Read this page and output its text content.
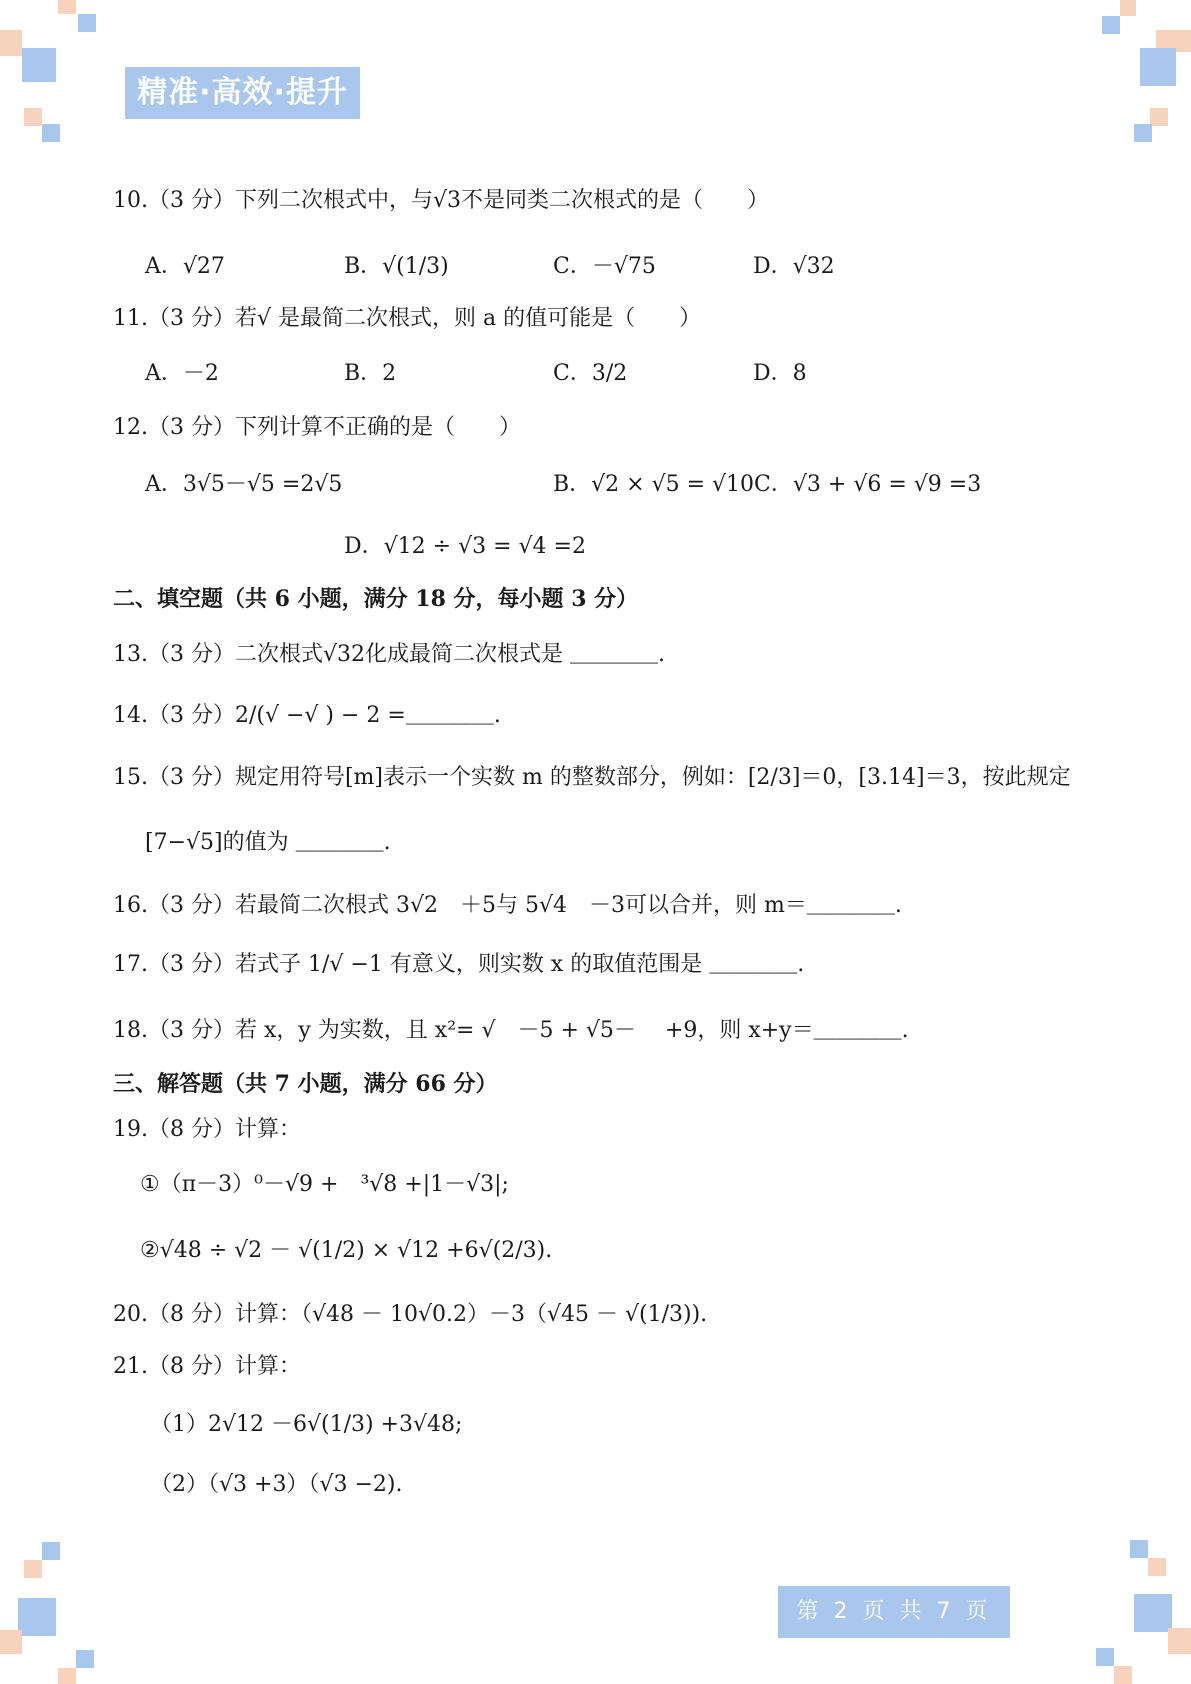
精准·高效·提升
10.（3 分）下列二次根式中，与√3不是同类二次根式的是（　　）
A．√27	B．√(1/3)	C．－√75	D．√32
11.（3 分）若√ 是最简二次根式，则 a 的值可能是（　　）
A．－2	B．2	C．3/2	D．8
12.（3 分）下列计算不正确的是（　　）
A．3√5－√5 =2√5	B．√2 × √5 = √10C．√3 + √6 = √9 =3
D．√12 ÷ √3 = √4 =2
二、填空题（共 6 小题，满分 18 分，每小题 3 分）
13.（3 分）二次根式√32化成最简二次根式是 ＿＿＿＿.
14.（3 分）2/(√ −√ ) − 2 =＿＿＿＿.
15.（3 分）规定用符号[m]表示一个实数 m 的整数部分，例如：[2/3]＝0，[3.14]＝3，按此规定
[7−√5]的值为 ＿＿＿＿.
16.（3 分）若最简二次根式 3√2　＋5与 5√4　－3可以合并，则 m＝＿＿＿＿.
17.（3 分）若式子 1/√ −1 有意义，则实数 x 的取值范围是 ＿＿＿＿.
18.（3 分）若 x，y 为实数，且 x²= √　－5 + √5－　 +9，则 x+y＝＿＿＿＿.
三、解答题（共 7 小题，满分 66 分）
19.（8 分）计算：
①（π－3）⁰－√9 +　³√8 +|1－√3|;
②√48 ÷ √2 － √(1/2) × √12 +6√(2/3).
20.（8 分）计算：（√48 － 10√0.2）－3（√45 － √(1/3)).
21.（8 分）计算：
（1）2√12 －6√(1/3) +3√48;
（2）（√3 +3）（√3 −2).
第 2 页 共 7 页
